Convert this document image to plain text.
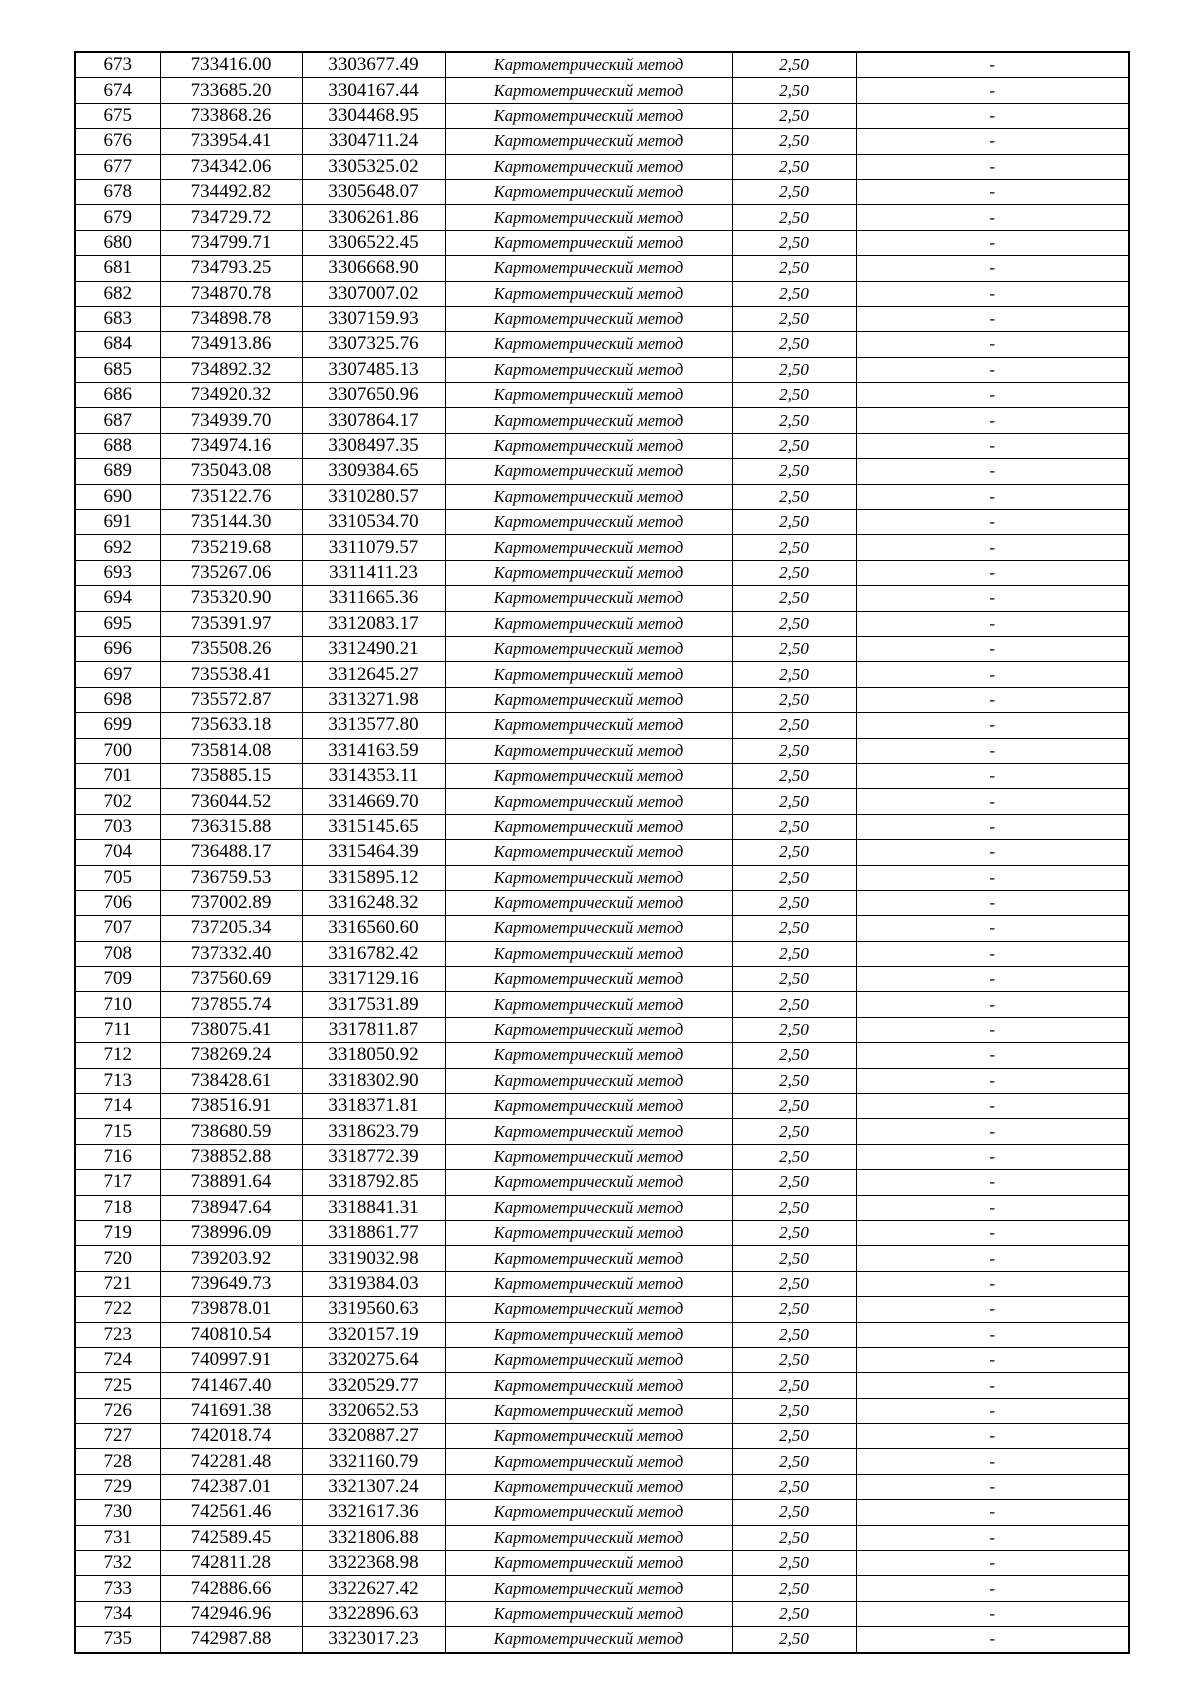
673	733416.00	3303677.49	Картометрический метод	2,50	-
674	733685.20	3304167.44	Картометрический метод	2,50	-
675	733868.26	3304468.95	Картометрический метод	2,50	-
676	733954.41	3304711.24	Картометрический метод	2,50	-
677	734342.06	3305325.02	Картометрический метод	2,50	-
678	734492.82	3305648.07	Картометрический метод	2,50	-
679	734729.72	3306261.86	Картометрический метод	2,50	-
680	734799.71	3306522.45	Картометрический метод	2,50	-
681	734793.25	3306668.90	Картометрический метод	2,50	-
682	734870.78	3307007.02	Картометрический метод	2,50	-
683	734898.78	3307159.93	Картометрический метод	2,50	-
684	734913.86	3307325.76	Картометрический метод	2,50	-
685	734892.32	3307485.13	Картометрический метод	2,50	-
686	734920.32	3307650.96	Картометрический метод	2,50	-
687	734939.70	3307864.17	Картометрический метод	2,50	-
688	734974.16	3308497.35	Картометрический метод	2,50	-
689	735043.08	3309384.65	Картометрический метод	2,50	-
690	735122.76	3310280.57	Картометрический метод	2,50	-
691	735144.30	3310534.70	Картометрический метод	2,50	-
692	735219.68	3311079.57	Картометрический метод	2,50	-
693	735267.06	3311411.23	Картометрический метод	2,50	-
694	735320.90	3311665.36	Картометрический метод	2,50	-
695	735391.97	3312083.17	Картометрический метод	2,50	-
696	735508.26	3312490.21	Картометрический метод	2,50	-
697	735538.41	3312645.27	Картометрический метод	2,50	-
698	735572.87	3313271.98	Картометрический метод	2,50	-
699	735633.18	3313577.80	Картометрический метод	2,50	-
700	735814.08	3314163.59	Картометрический метод	2,50	-
701	735885.15	3314353.11	Картометрический метод	2,50	-
702	736044.52	3314669.70	Картометрический метод	2,50	-
703	736315.88	3315145.65	Картометрический метод	2,50	-
704	736488.17	3315464.39	Картометрический метод	2,50	-
705	736759.53	3315895.12	Картометрический метод	2,50	-
706	737002.89	3316248.32	Картометрический метод	2,50	-
707	737205.34	3316560.60	Картометрический метод	2,50	-
708	737332.40	3316782.42	Картометрический метод	2,50	-
709	737560.69	3317129.16	Картометрический метод	2,50	-
710	737855.74	3317531.89	Картометрический метод	2,50	-
711	738075.41	3317811.87	Картометрический метод	2,50	-
712	738269.24	3318050.92	Картометрический метод	2,50	-
713	738428.61	3318302.90	Картометрический метод	2,50	-
714	738516.91	3318371.81	Картометрический метод	2,50	-
715	738680.59	3318623.79	Картометрический метод	2,50	-
716	738852.88	3318772.39	Картометрический метод	2,50	-
717	738891.64	3318792.85	Картометрический метод	2,50	-
718	738947.64	3318841.31	Картометрический метод	2,50	-
719	738996.09	3318861.77	Картометрический метод	2,50	-
720	739203.92	3319032.98	Картометрический метод	2,50	-
721	739649.73	3319384.03	Картометрический метод	2,50	-
722	739878.01	3319560.63	Картометрический метод	2,50	-
723	740810.54	3320157.19	Картометрический метод	2,50	-
724	740997.91	3320275.64	Картометрический метод	2,50	-
725	741467.40	3320529.77	Картометрический метод	2,50	-
726	741691.38	3320652.53	Картометрический метод	2,50	-
727	742018.74	3320887.27	Картометрический метод	2,50	-
728	742281.48	3321160.79	Картометрический метод	2,50	-
729	742387.01	3321307.24	Картометрический метод	2,50	-
730	742561.46	3321617.36	Картометрический метод	2,50	-
731	742589.45	3321806.88	Картометрический метод	2,50	-
732	742811.28	3322368.98	Картометрический метод	2,50	-
733	742886.66	3322627.42	Картометрический метод	2,50	-
734	742946.96	3322896.63	Картометрический метод	2,50	-
735	742987.88	3323017.23	Картометрический метод	2,50	-
